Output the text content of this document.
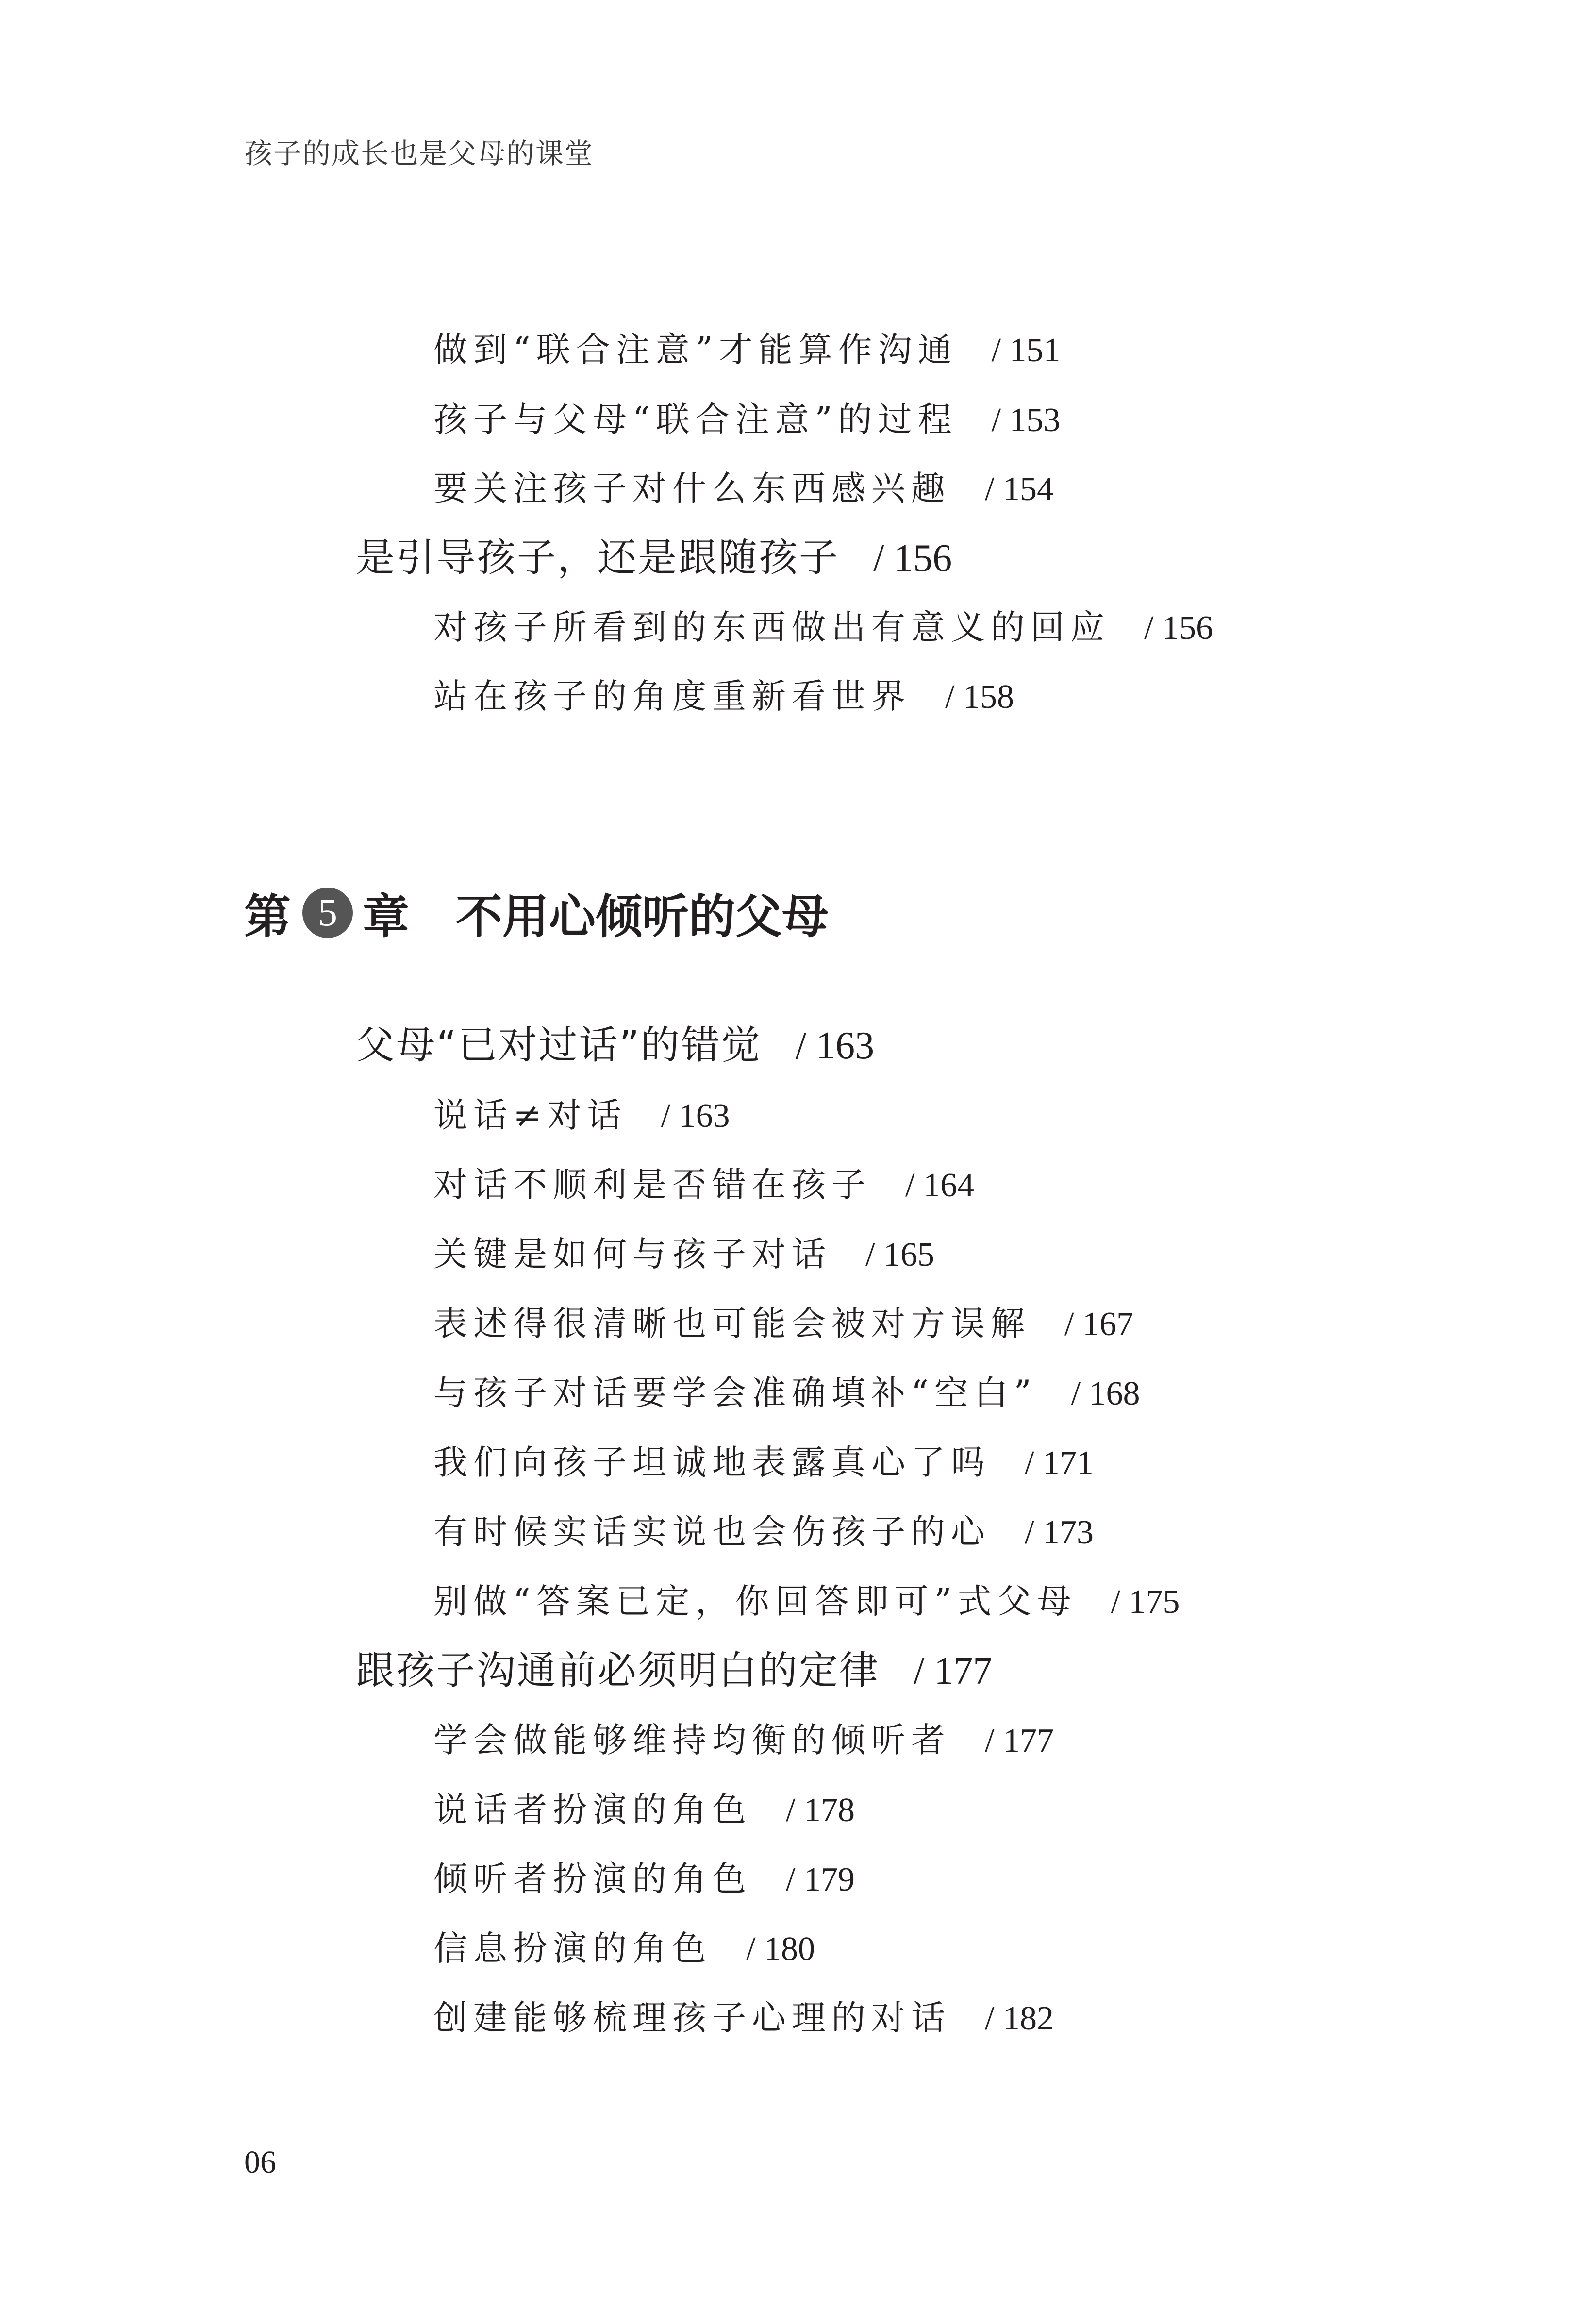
孩子的成长也是父母的课堂
做到“联合注意”才能算作沟通 / 151
孩子与父母“联合注意”的过程 / 153
要关注孩子对什么东西感兴趣 / 154
是引导孩子，还是跟随孩子 / 156
对孩子所看到的东西做出有意义的回应 / 156
站在孩子的角度重新看世界 / 158
第 5 章 不用心倾听的父母
父母“已对过话”的错觉 / 163
说话≠对话 / 163
对话不顺利是否错在孩子 / 164
关键是如何与孩子对话 / 165
表述得很清晰也可能会被对方误解 / 167
与孩子对话要学会准确填补“空白” / 168
我们向孩子坦诚地表露真心了吗 / 171
有时候实话实说也会伤孩子的心 / 173
别做“答案已定，你回答即可”式父母 / 175
跟孩子沟通前必须明白的定律 / 177
学会做能够维持均衡的倾听者 / 177
说话者扮演的角色 / 178
倾听者扮演的角色 / 179
信息扮演的角色 / 180
创建能够梳理孩子心理的对话 / 182
06
